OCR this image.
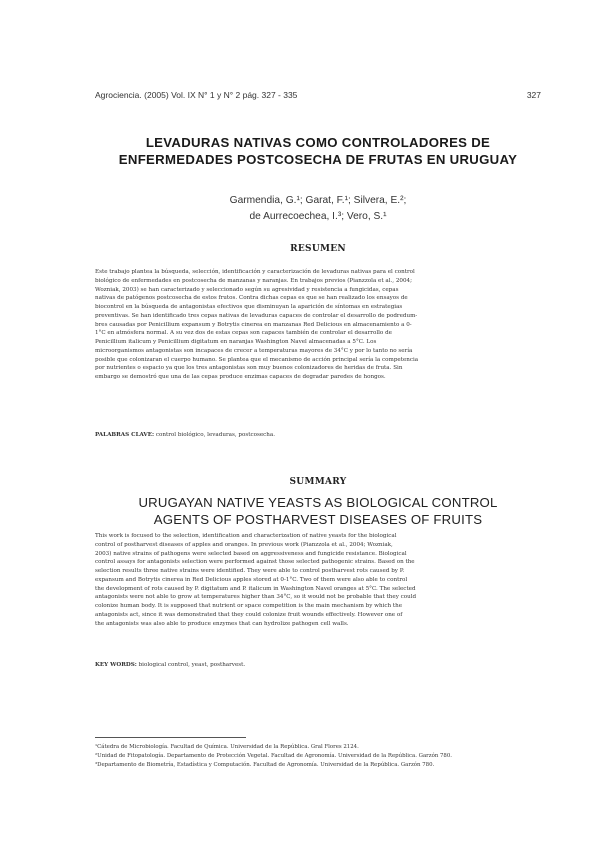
Agrociencia. (2005) Vol. IX N° 1 y N° 2 pág. 327 - 335	327
LEVADURAS NATIVAS COMO CONTROLADORES DE
ENFERMEDADES POSTCOSECHA DE FRUTAS EN URUGUAY
Garmendia, G.¹; Garat, F.¹; Silvera, E.²;
de Aurrecoechea, I.³; Vero, S.¹
RESUMEN
Este trabajo plantea la búsqueda, selección, identificación y caracterización de levaduras nativas para el control
biológico de enfermedades en postcosecha de manzanas y naranjas. En trabajos previos (Pianzzola et al., 2004;
Wozniak, 2003) se han caracterizado y seleccionado según su agresividad y resistencia a fungicidas, cepas
nativas de patógenos postcosecha de estos frutos. Contra dichas cepas es que se han realizado los ensayos de
biocontrol en la búsqueda de antagonistas efectivos que disminuyan la aparición de síntomas en estrategias
preventivas. Se han identificado tres cepas nativas de levaduras capaces de controlar el desarrollo de podredum-
bres causadas por Penicillium expansum y Botrytis cinerea en manzanas Red Delicious en almacenamiento a 0-
1°C en atmósfera normal. A su vez dos de estas cepas son capaces también de controlar el desarrollo de
Penicillium italicum y Penicillium digitatum en naranjas Washington Navel almacenadas a 5°C. Los
microorganismos antagonistas son incapaces de crecer a temperaturas mayores de 34°C y por lo tanto no sería
posible que colonizaran el cuerpo humano. Se plantea que el mecanismo de acción principal sería la competencia
por nutrientes o espacio ya que los tres antagonistas son muy buenos colonizadores de heridas de fruta. Sin
embargo se demostró que una de las cepas produce enzimas capaces de degradar paredes de hongos.
PALABRAS CLAVE: control biológico, levaduras, postcosecha.
SUMMARY
URUGAYAN NATIVE YEASTS AS BIOLOGICAL CONTROL
AGENTS OF POSTHARVEST DISEASES OF FRUITS
This work is focused to the selection, identification and characterization of native yeasts for the biological
control of postharvest diseases of apples and oranges. In previous work (Pianzzola et al., 2004; Wozniak,
2003) native strains of pathogens were selected based on aggressiveness and fungicide resistance. Biological
control assays for antagonists selection were performed against those selected pathogenic strains. Based on the
selection results three native strains were identified. They were able to control postharvest rots caused by P.
expansum and Botrytis cinerea in Red Delicious apples stored at 0-1°C. Two of them were also able to control
the development of rots caused by P. digitatum and P. italicum in Washington Navel oranges at 5°C. The selected
antagonists were not able to grow at temperatures higher than 34°C, so it would not be probable that they could
colonize human body. It is supposed that nutrient or space competition is the main mechanism by which the
antagonists act, since it was demonstrated that they could colonize fruit wounds effectively. However one of
the antagonists was also able to produce enzymes that can hydrolize pathogen cell walls.
KEY WORDS: biological control, yeast, postharvest.
¹Cátedra de Microbiología. Facultad de Química. Universidad de la República. Gral Flores 2124.
²Unidad de Fitopatología. Departamento de Protección Vegetal. Facultad de Agronomía. Universidad de la República. Garzón 780.
³Departamento de Biometría, Estadística y Computación. Facultad de Agronomía. Universidad de la República. Garzón 780.
